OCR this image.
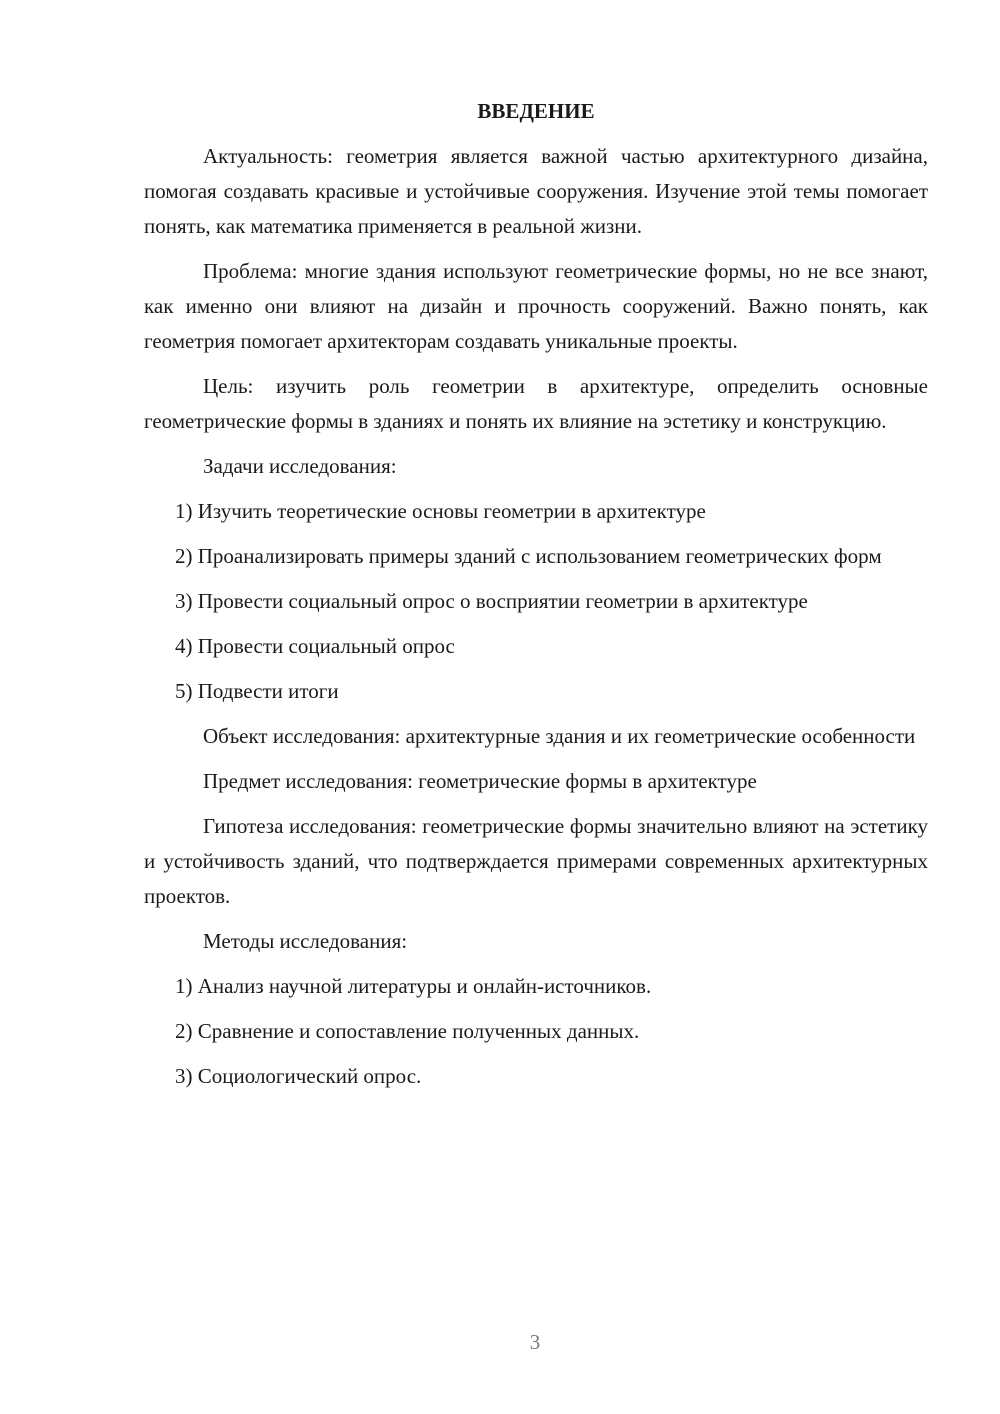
ВВЕДЕНИЕ

Актуальность: геометрия является важной частью архитектурного дизайна, помогая создавать красивые и устойчивые сооружения. Изучение этой темы помогает понять, как математика применяется в реальной жизни.

Проблема: многие здания используют геометрические формы, но не все знают, как именно они влияют на дизайн и прочность сооружений. Важно понять, как геометрия помогает архитекторам создавать уникальные проекты.

Цель: изучить роль геометрии в архитектуре, определить основные геометрические формы в зданиях и понять их влияние на эстетику и конструкцию.

Задачи исследования:

1) Изучить теоретические основы геометрии в архитектуре

2) Проанализировать примеры зданий с использованием геометрических форм

3) Провести социальный опрос о восприятии геометрии в архитектуре

4) Провести социальный опрос

5) Подвести итоги

Объект исследования: архитектурные здания и их геометрические особенности

Предмет исследования: геометрические формы в архитектуре

Гипотеза исследования: геометрические формы значительно влияют на эстетику и устойчивость зданий, что подтверждается примерами современных архитектурных проектов.

Методы исследования:

1) Анализ научной литературы и онлайн-источников.

2) Сравнение и сопоставление полученных данных.

3) Социологический опрос.

3
